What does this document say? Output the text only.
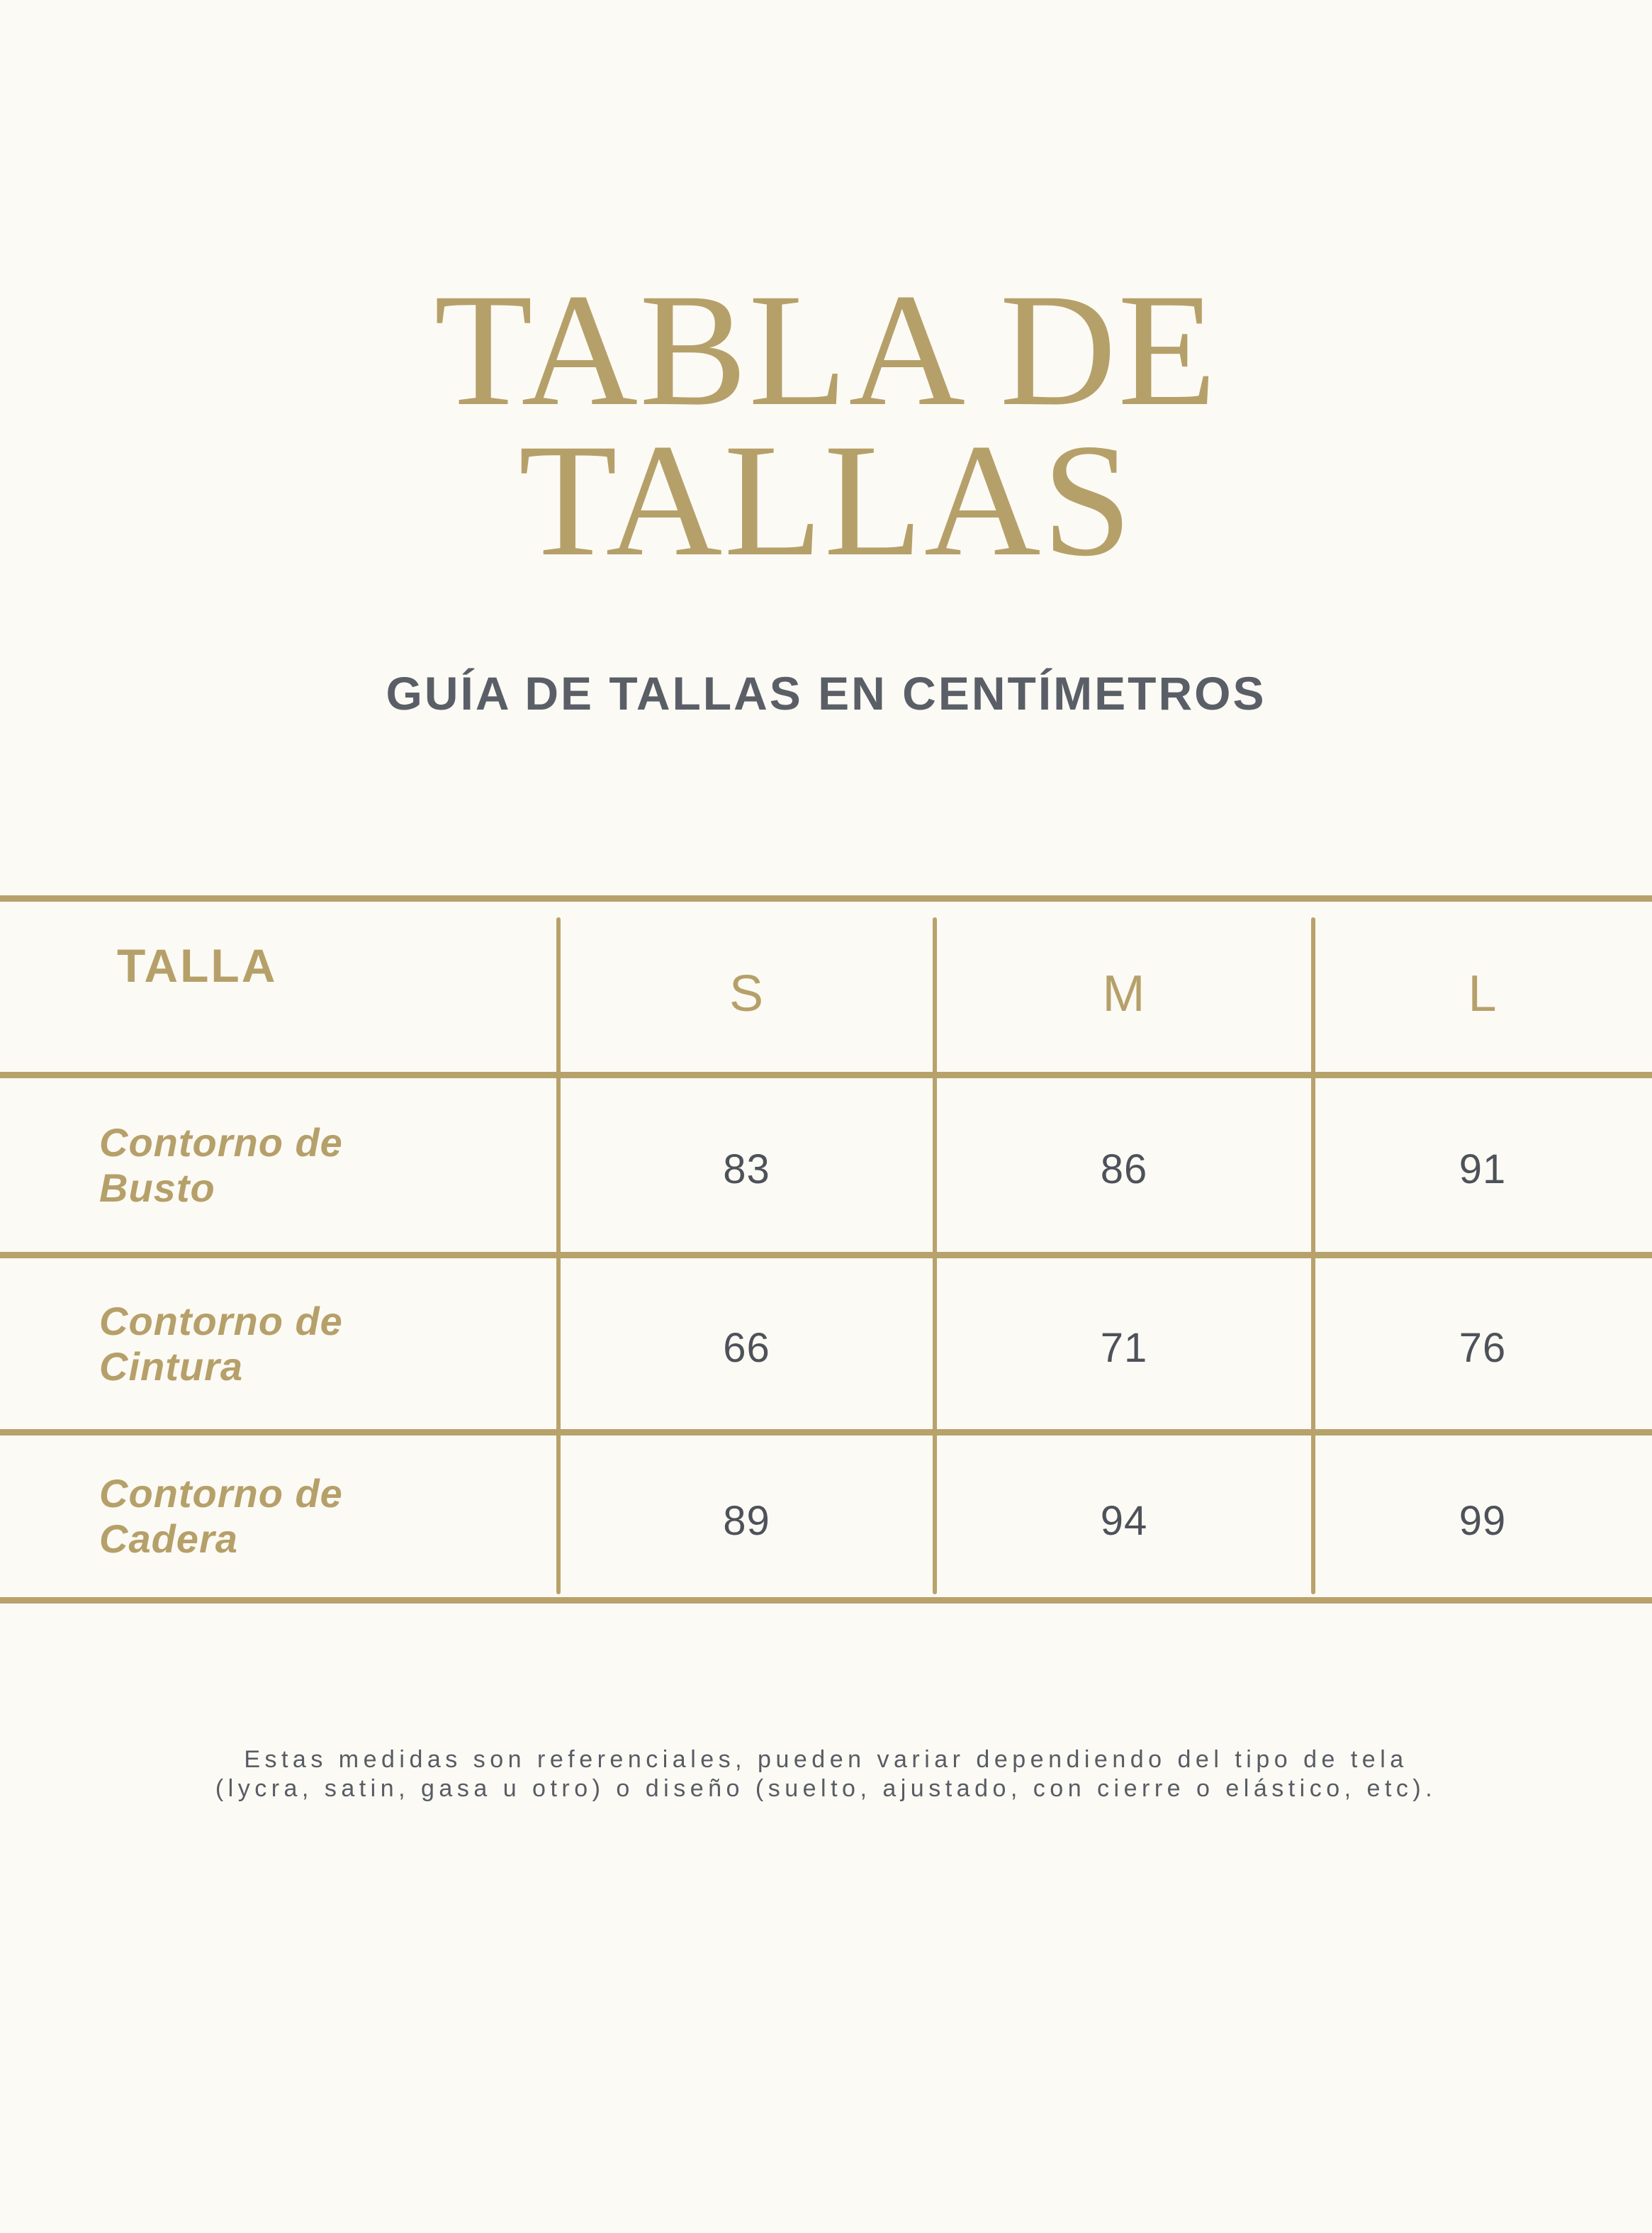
TABLA DE
TALLAS
GUÍA DE TALLAS EN CENTÍMETROS
TALLA	S	M	L
Contorno de
Busto	83	86	91
Contorno de
Cintura	66	71	76
Contorno de
Cadera	89	94	99
Estas medidas son referenciales, pueden variar dependiendo del tipo de tela
(lycra, satin, gasa u otro) o diseño (suelto, ajustado, con cierre o elástico, etc).
